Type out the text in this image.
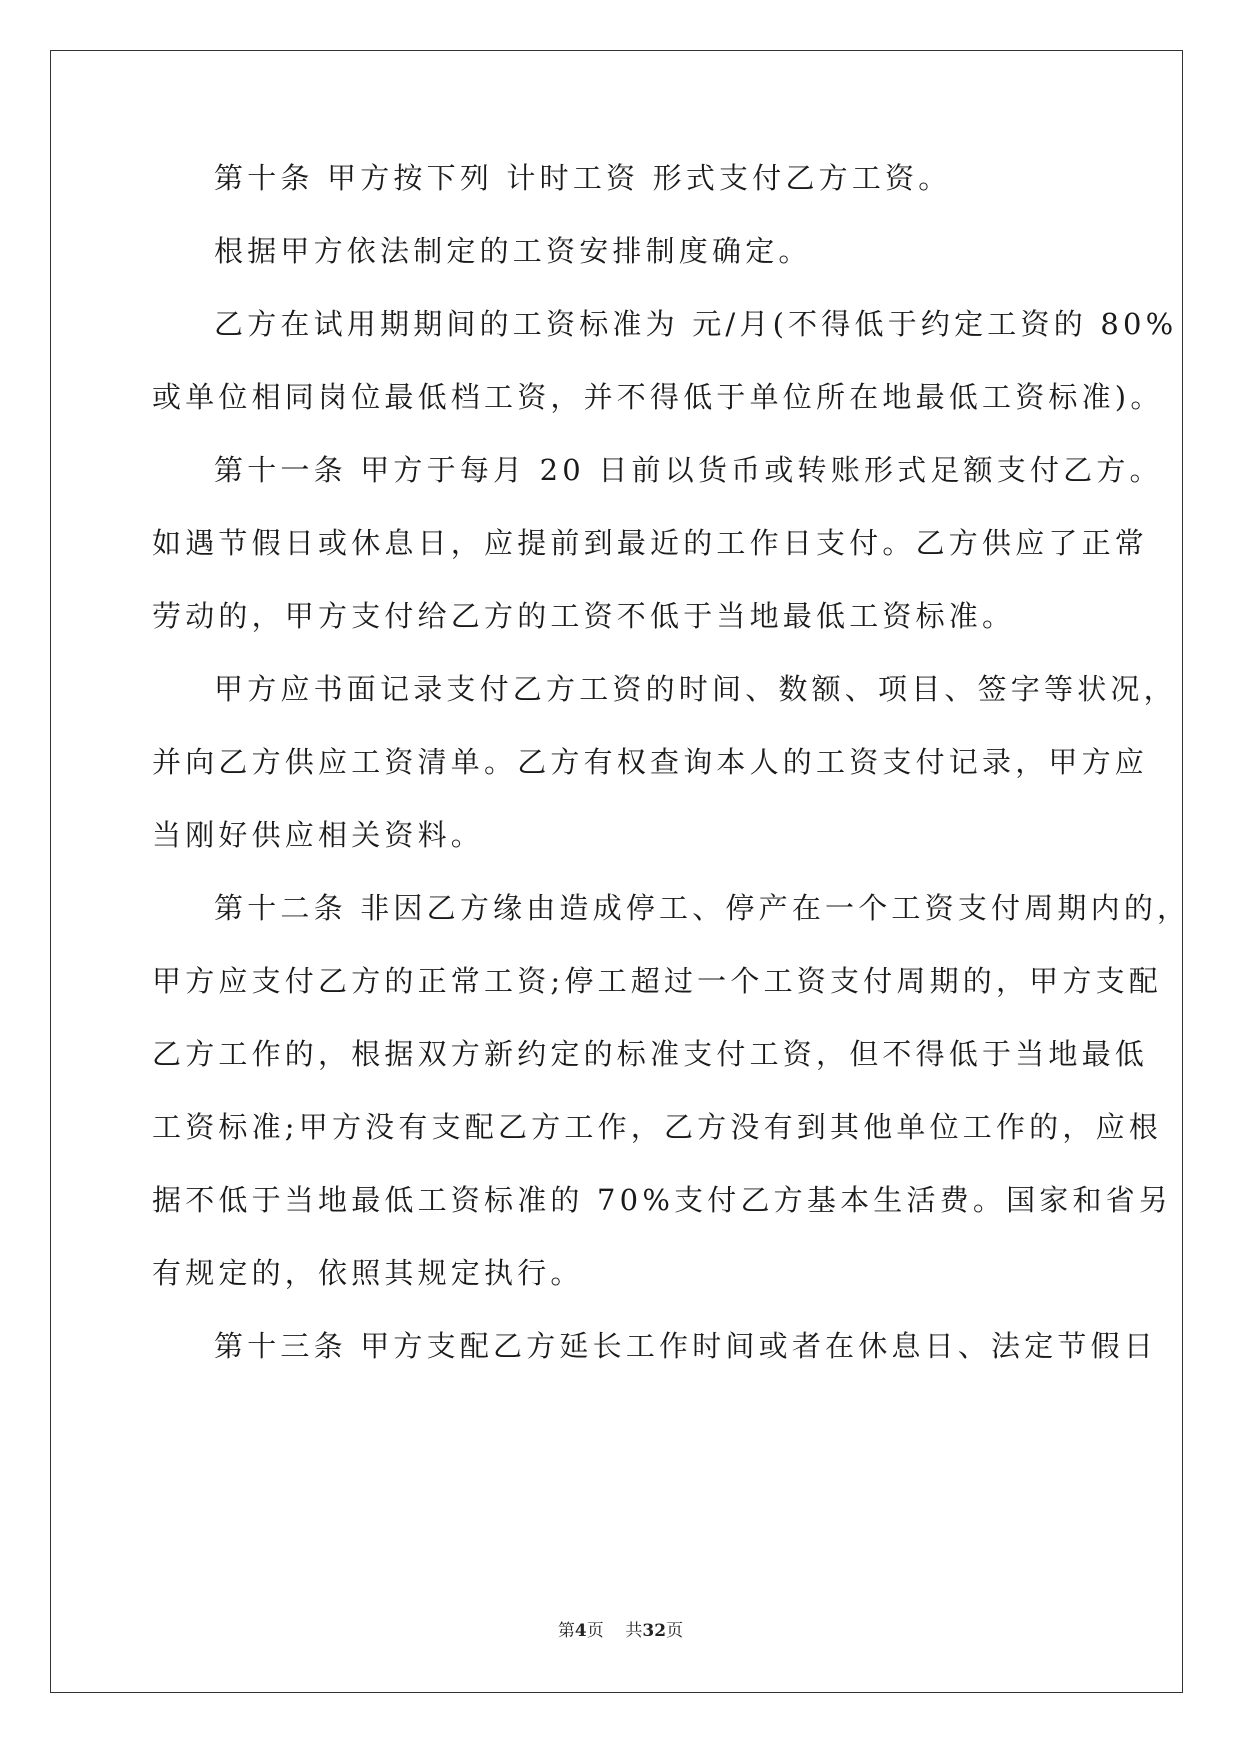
第十条 甲方按下列 计时工资 形式支付乙方工资。
根据甲方依法制定的工资安排制度确定。
乙方在试用期期间的工资标准为 元/月(不得低于约定工资的 80%
或单位相同岗位最低档工资，并不得低于单位所在地最低工资标准)。
第十一条 甲方于每月 20 日前以货币或转账形式足额支付乙方。
如遇节假日或休息日，应提前到最近的工作日支付。乙方供应了正常
劳动的，甲方支付给乙方的工资不低于当地最低工资标准。
甲方应书面记录支付乙方工资的时间、数额、项目、签字等状况，
并向乙方供应工资清单。乙方有权查询本人的工资支付记录，甲方应
当刚好供应相关资料。
第十二条 非因乙方缘由造成停工、停产在一个工资支付周期内的，
甲方应支付乙方的正常工资;停工超过一个工资支付周期的，甲方支配
乙方工作的，根据双方新约定的标准支付工资，但不得低于当地最低
工资标准;甲方没有支配乙方工作，乙方没有到其他单位工作的，应根
据不低于当地最低工资标准的 70%支付乙方基本生活费。国家和省另
有规定的，依照其规定执行。
第十三条 甲方支配乙方延长工作时间或者在休息日、法定节假日
第4页    共32页
